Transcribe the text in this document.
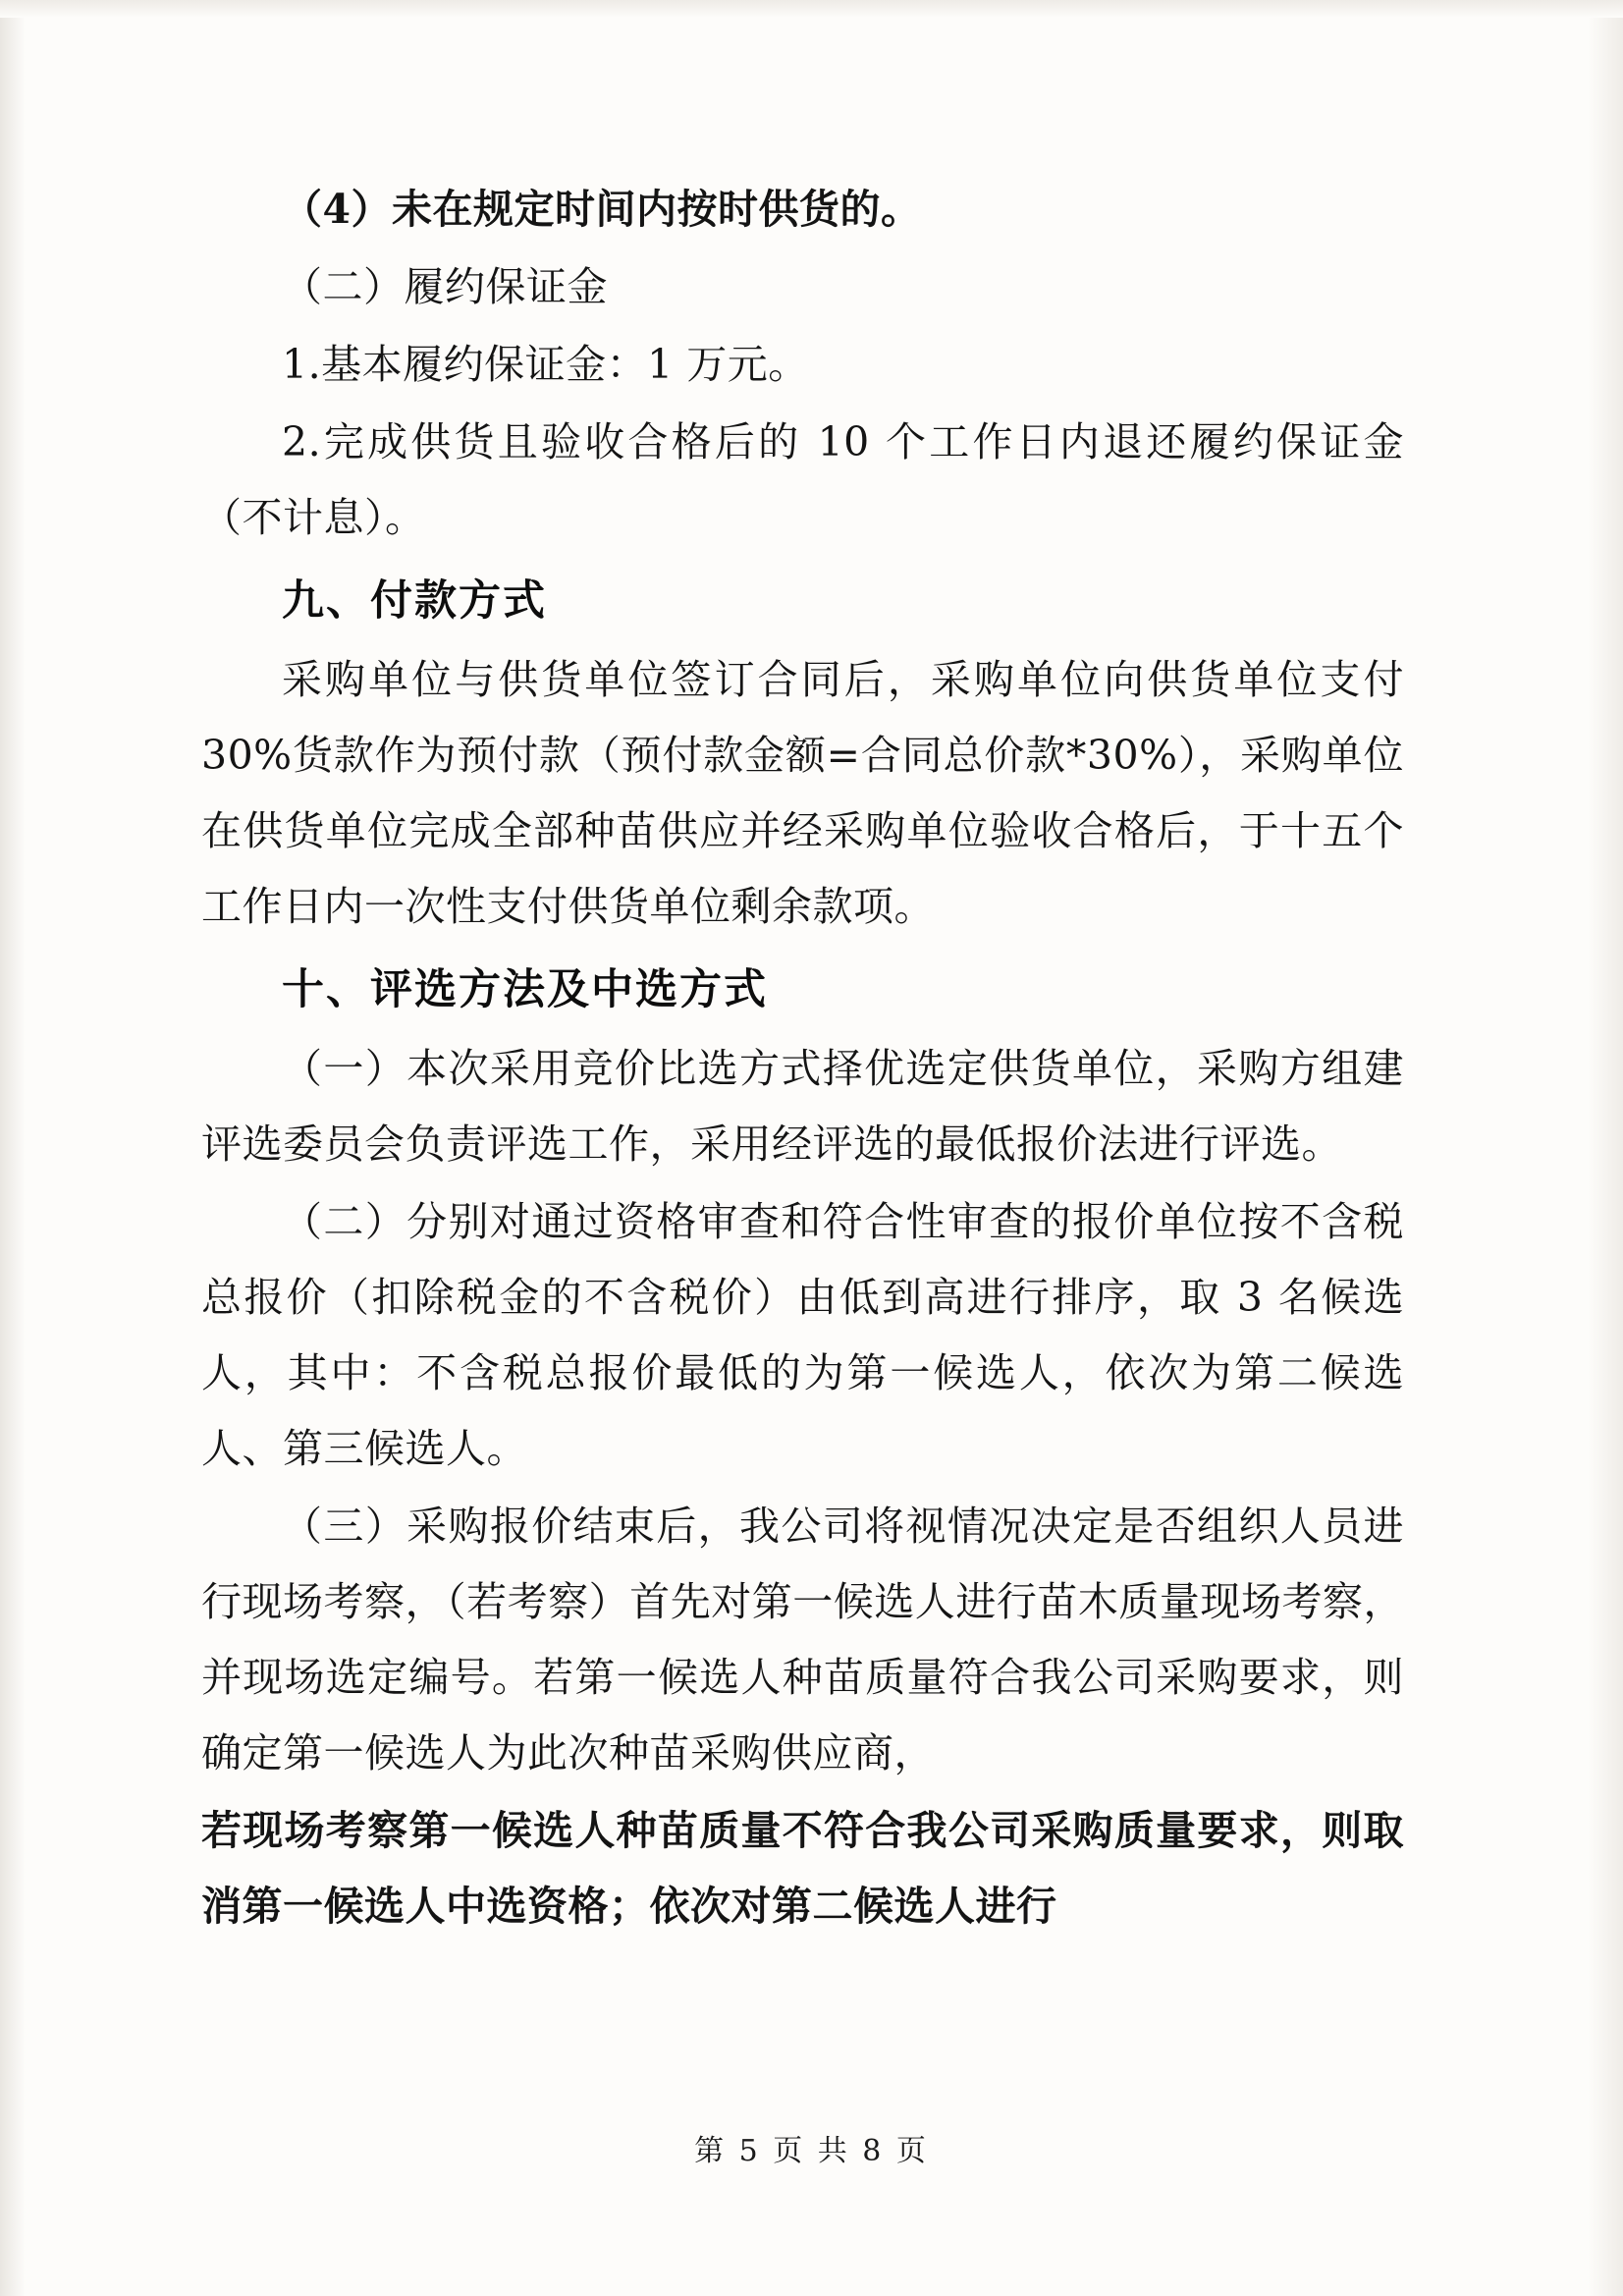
（4）未在规定时间内按时供货的。

（二）履约保证金

1.基本履约保证金：1 万元。

2.完成供货且验收合格后的 10 个工作日内退还履约保证金（不计息）。

九、付款方式

采购单位与供货单位签订合同后，采购单位向供货单位支付 30%货款作为预付款（预付款金额=合同总价款*30%），采购单位在供货单位完成全部种苗供应并经采购单位验收合格后，于十五个工作日内一次性支付供货单位剩余款项。

十、评选方法及中选方式

（一）本次采用竞价比选方式择优选定供货单位，采购方组建评选委员会负责评选工作，采用经评选的最低报价法进行评选。

（二）分别对通过资格审查和符合性审查的报价单位按不含税总报价（扣除税金的不含税价）由低到高进行排序，取 3 名候选人，其中：不含税总报价最低的为第一候选人，依次为第二候选人、第三候选人。

（三）采购报价结束后，我公司将视情况决定是否组织人员进行现场考察，（若考察）首先对第一候选人进行苗木质量现场考察，并现场选定编号。若第一候选人种苗质量符合我公司采购要求，则确定第一候选人为此次种苗采购供应商，

若现场考察第一候选人种苗质量不符合我公司采购质量要求，则取消第一候选人中选资格；依次对第二候选人进行

第 5 页 共 8 页
